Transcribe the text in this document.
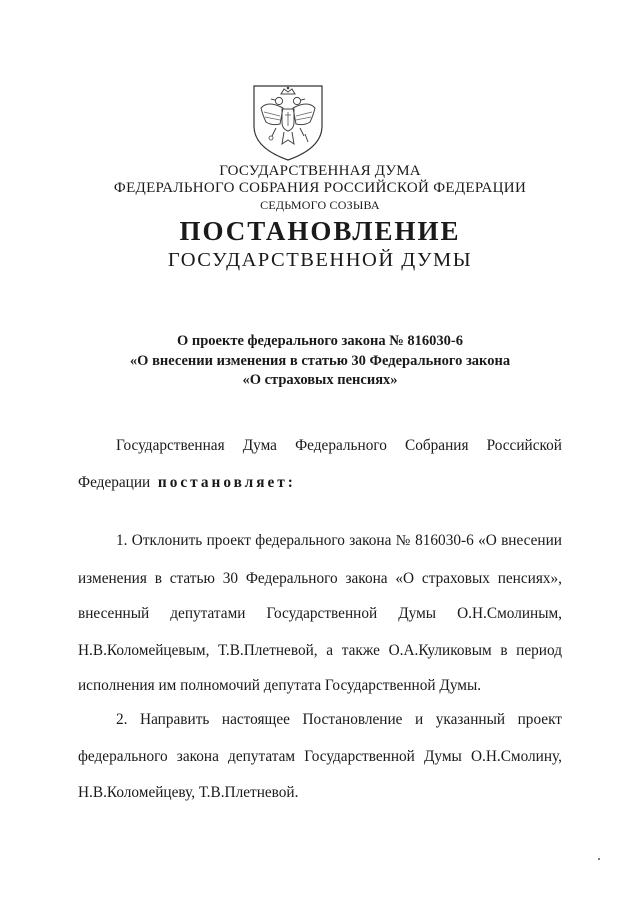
ГОСУДАРСТВЕННАЯ ДУМА
ФЕДЕРАЛЬНОГО СОБРАНИЯ РОССИЙСКОЙ ФЕДЕРАЦИИ
СЕДЬМОГО СОЗЫВА
ПОСТАНОВЛЕНИЕ
ГОСУДАРСТВЕННОЙ ДУМЫ
О проекте федерального закона № 816030-6
«О внесении изменения в статью 30 Федерального закона
«О страховых пенсиях»
Государственная Дума Федерального Собрания Российской
Федерации постановляет:
1. Отклонить проект федерального закона № 816030-6 «О внесении
изменения в статью 30 Федерального закона «О страховых пенсиях»,
внесенный депутатами Государственной Думы О.Н.Смолиным,
Н.В.Коломейцевым, Т.В.Плетневой, а также О.А.Куликовым в период
исполнения им полномочий депутата Государственной Думы.
2. Направить настоящее Постановление и указанный проект
федерального закона депутатам Государственной Думы О.Н.Смолину,
Н.В.Коломейцеву, Т.В.Плетневой.
